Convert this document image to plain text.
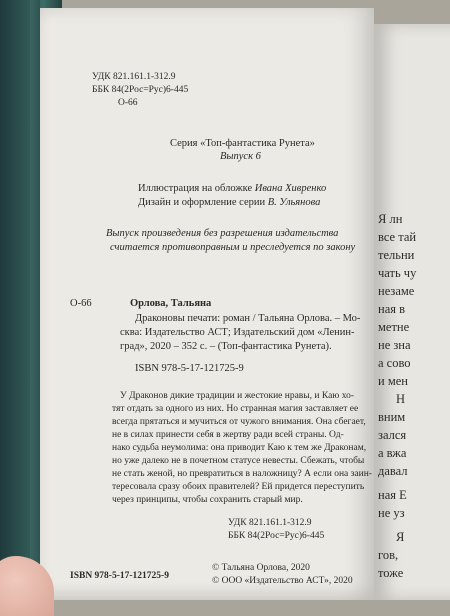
Я лн
все тай
тельни
чать чу
незаме
ная в
метне
не зна
а сово
и мен
Н
вним
зался
а вжа
давал
ная Е
не уз
Я
гов,
тоже
УДК 821.161.1-312.9
ББК 84(2Рос=Рус)6-445
О-66
Серия «Топ-фантастика Рунета»
Выпуск 6
Иллюстрация на обложке Ивана Хивренко
Дизайн и оформление серии В. Ульянова
Выпуск произведения без разрешения издательства
считается противоправным и преследуется по закону
О-66	Орлова, Тальяна
Драконовы печати: роман / Тальяна Орлова. – Мо-
сква: Издательство АСТ; Издательский дом «Ленин-
град», 2020 – 352 с. – (Топ-фантастика Рунета).
ISBN 978-5-17-121725-9
У Драконов дикие традиции и жестокие нравы, и Каю хо-
тят отдать за одного из них. Но странная магия заставляет ее
всегда прятаться и мучиться от чужого внимания. Она сбегает,
не в силах принести себя в жертву ради всей страны. Од-
нако судьба неумолима: она приводит Каю к тем же Драконам,
но уже далеко не в почетном статусе невесты. Сбежать, чтобы
не стать женой, но превратиться в наложницу? А если она заин-
тересовала сразу обоих правителей? Ей придется переступить
через принципы, чтобы сохранить старый мир.
УДК 821.161.1-312.9
ББК 84(2Рос=Рус)6-445
ISBN 978-5-17-121725-9
© Тальяна Орлова, 2020
© ООО «Издательство АСТ», 2020
